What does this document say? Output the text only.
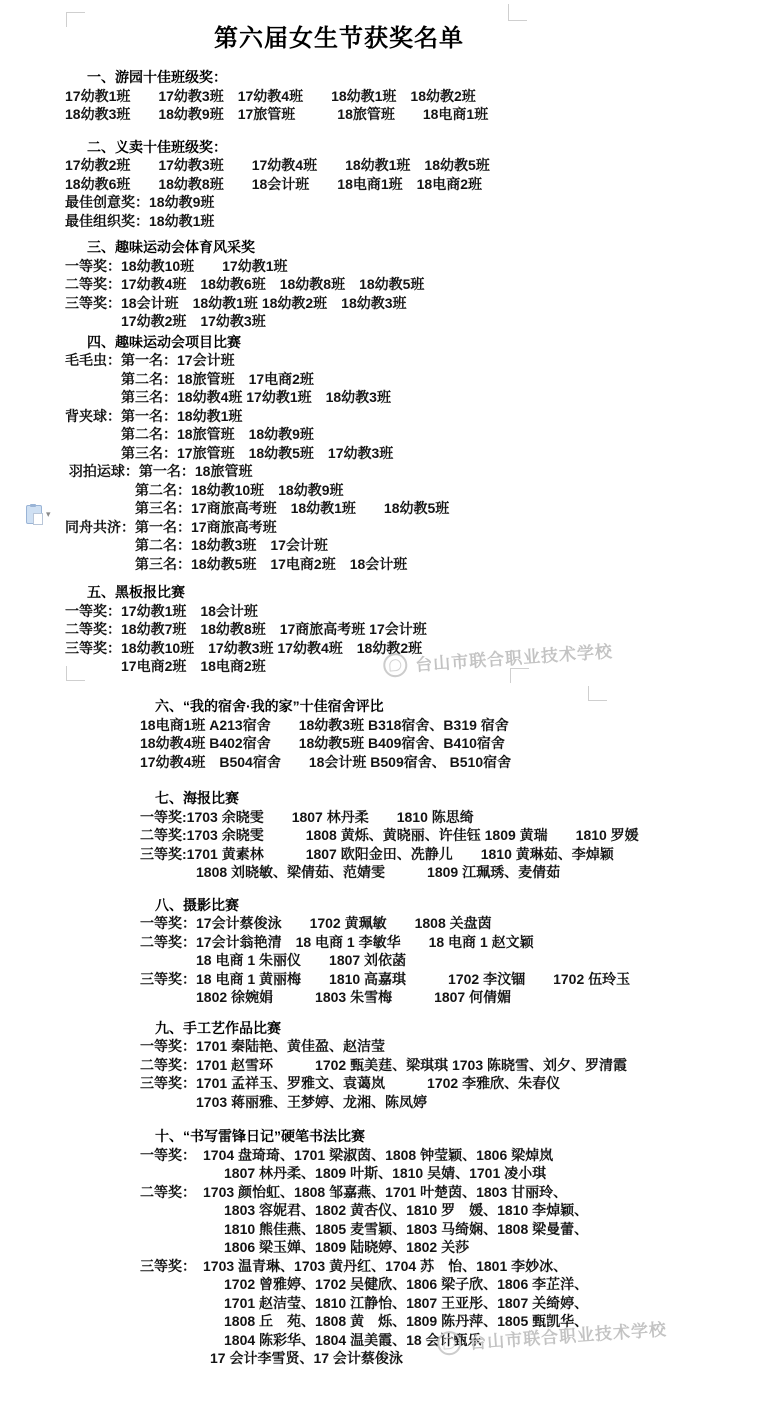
第六届女生节获奖名单
一、游园十佳班级奖：
17幼教1班　　17幼教3班　17幼教4班　　18幼教1班　18幼教2班
18幼教3班　　18幼教9班　17旅管班　　　18旅管班　　18电商1班
二、义卖十佳班级奖：
17幼教2班　　17幼教3班　　17幼教4班　　18幼教1班　18幼教5班
18幼教6班　　18幼教8班　　18会计班　　18电商1班　18电商2班
最佳创意奖：18幼教9班
最佳组织奖：18幼教1班
三、趣味运动会体育风采奖
一等奖：18幼教10班　　17幼教1班
二等奖：17幼教4班　18幼教6班　18幼教8班　18幼教5班
三等奖：18会计班　18幼教1班 18幼教2班　18幼教3班
　　　　17幼教2班　17幼教3班
四、趣味运动会项目比赛
毛毛虫：第一名：17会计班
　　　　第二名：18旅管班　17电商2班
　　　　第三名：18幼教4班 17幼教1班　18幼教3班
背夹球：第一名：18幼教1班
　　　　第二名：18旅管班　18幼教9班
　　　　第三名：17旅管班　18幼教5班　17幼教3班
羽拍运球：第一名：18旅管班
　　　　　第二名：18幼教10班　18幼教9班
　　　　　第三名：17商旅高考班　18幼教1班　　18幼教5班
同舟共济：第一名：17商旅高考班
　　　　　第二名：18幼教3班　17会计班
　　　　　第三名：18幼教5班　17电商2班　18会计班
五、黑板报比赛
一等奖：17幼教1班　18会计班
二等奖：18幼教7班　18幼教8班　17商旅高考班 17会计班
三等奖：18幼教10班　17幼教3班 17幼教4班　18幼教2班
　　　　17电商2班　18电商2班
▾
台山市联合职业技术学校
六、“我的宿舍·我的家”十佳宿舍评比
18电商1班 A213宿舍　　18幼教3班 B318宿舍、B319 宿舍
18幼教4班 B402宿舍　　18幼教5班 B409宿舍、B410宿舍
17幼教4班　B504宿舍　　18会计班 B509宿舍、 B510宿舍
七、海报比赛
一等奖:1703 余晓雯　　1807 林丹柔　　1810 陈思绮
二等奖:1703 余晓雯　　　1808 黄烁、黄晓丽、许佳钰 1809 黄瑞　　1810 罗媛
三等奖:1701 黄素林　　　1807 欧阳金田、冼静儿　　1810 黄琳茹、李焯颖
　　　　1808 刘晓敏、梁倩茹、范婧雯　　　1809 江珮琇、麦倩茹
八、摄影比赛
一等奖：17会计蔡俊泳　　1702 黄珮敏　　1808 关盘茵
二等奖：17会计翁艳清　18 电商 1 李敏华　　18 电商 1 赵文颖
　　　　18 电商 1 朱丽仪　　1807 刘依菡
三等奖：18 电商 1 黄丽梅　　1810 高嘉琪　　　1702 李汶锢　　1702 伍玲玉
　　　　1802 徐婉娟　　　1803 朱雪梅　　　1807 何倩媚
九、手工艺作品比赛
一等奖：1701 秦陆艳、黄佳盈、赵洁莹
二等奖：1701 赵雪环　　　1702 甄美莛、梁琪琪 1703 陈晓雪、刘夕、罗清霞
三等奖：1701 孟祥玉、罗雅文、袁蔼岚　　　1702 李雅欣、朱春仪
　　　　1703 蒋丽雅、王梦婷、龙湘、陈凤婷
十、“书写雷锋日记”硬笔书法比赛
一等奖：　1704 盘琦琦、1701 梁淑茵、1808 钟莹颖、1806 梁焯岚
　　　　　　1807 林丹柔、1809 叶斯、1810 吴婧、1701 凌小琪
二等奖：　1703 颜怡虹、1808 邹嘉燕、1701 叶楚茵、1803 甘丽玲、
　　　　　　1803 容妮君、1802 黄杏仪、1810 罗　媛、1810 李焯颖、
　　　　　　1810 熊佳燕、1805 麦雪颖、1803 马绮娴、1808 梁曼蕾、
　　　　　　1806 梁玉婵、1809 陆晓婷、1802 关莎
三等奖：　1703 温青琳、1703 黄丹红、1704 苏　怡、1801 李妙冰、
　　　　　　1702 曾雅婷、1702 吴健欣、1806 梁子欣、1806 李芷洋、
　　　　　　1701 赵洁莹、1810 江静怡、1807 王亚彤、1807 关绮婷、
　　　　　　1808 丘　苑、1808 黄　烁、1809 陈丹萍、1805 甄凯华、
　　　　　　1804 陈彩华、1804 温美霞、18 会计甄乐
　　　　　17 会计李雪贤、17 会计蔡俊泳
台山市联合职业技术学校
